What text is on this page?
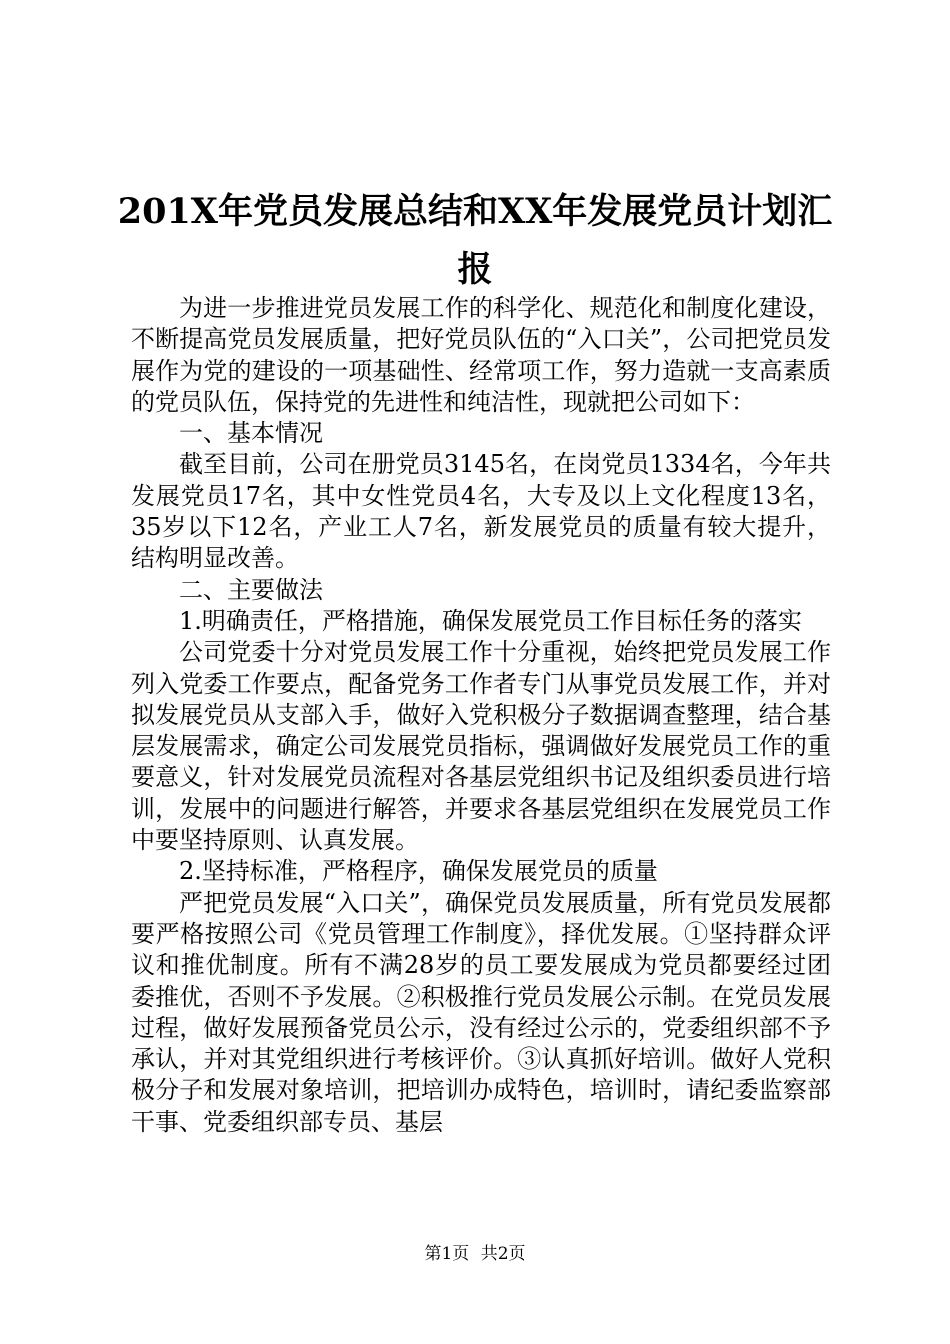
201X年党员发展总结和XX年发展党员计划汇报

为进一步推进党员发展工作的科学化、规范化和制度化建设，不断提高党员发展质量，把好党员队伍的“入口关”，公司把党员发展作为党的建设的一项基础性、经常项工作，努力造就一支高素质的党员队伍，保持党的先进性和纯洁性，现就把公司如下：

一、基本情况

截至目前，公司在册党员3145名，在岗党员1334名，今年共发展党员17名，其中女性党员4名，大专及以上文化程度13名，35岁以下12名，产业工人7名，新发展党员的质量有较大提升，结构明显改善。

二、主要做法

1.明确责任，严格措施，确保发展党员工作目标任务的落实

公司党委十分对党员发展工作十分重视，始终把党员发展工作列入党委工作要点，配备党务工作者专门从事党员发展工作，并对拟发展党员从支部入手，做好入党积极分子数据调查整理，结合基层发展需求，确定公司发展党员指标，强调做好发展党员工作的重要意义，针对发展党员流程对各基层党组织书记及组织委员进行培训，发展中的问题进行解答，并要求各基层党组织在发展党员工作中要坚持原则、认真发展。

2.坚持标准，严格程序，确保发展党员的质量

严把党员发展“入口关”，确保党员发展质量，所有党员发展都要严格按照公司《党员管理工作制度》，择优发展。①坚持群众评议和推优制度。所有不满28岁的员工要发展成为党员都要经过团委推优，否则不予发展。②积极推行党员发展公示制。在党员发展过程，做好发展预备党员公示，没有经过公示的，党委组织部不予承认，并对其党组织进行考核评价。③认真抓好培训。做好人党积极分子和发展对象培训，把培训办成特色，培训时，请纪委监察部干事、党委组织部专员、基层

第1页 共2页
